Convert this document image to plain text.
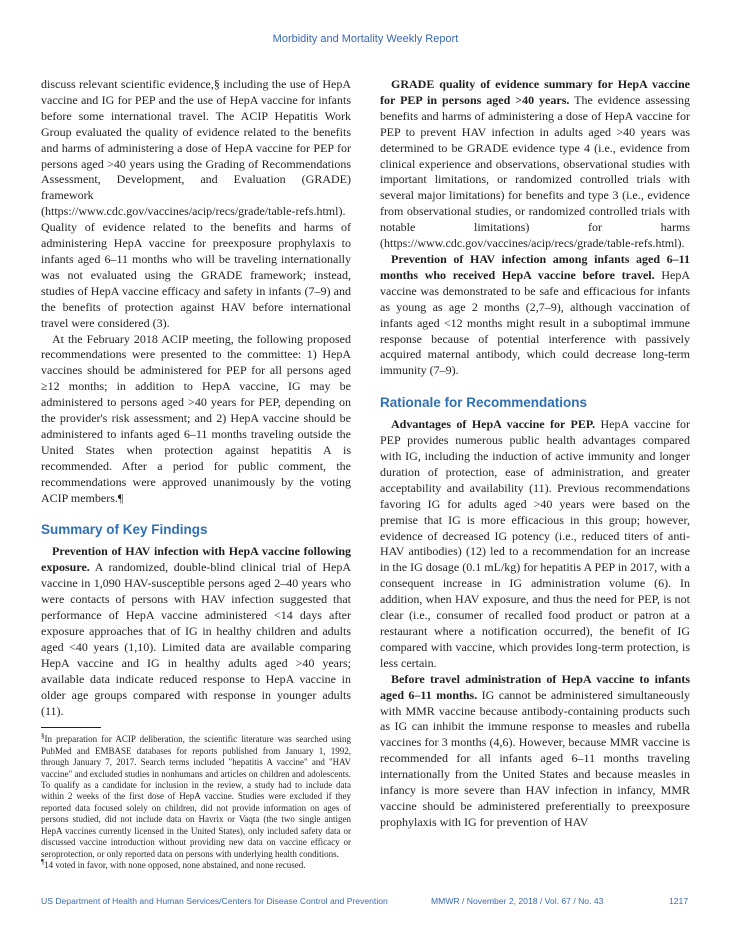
Morbidity and Mortality Weekly Report

discuss relevant scientific evidence,§ including the use of HepA vaccine and IG for PEP and the use of HepA vaccine for infants before some international travel. The ACIP Hepatitis Work Group evaluated the quality of evidence related to the benefits and harms of administering a dose of HepA vaccine for PEP for persons aged >40 years using the Grading of Recommendations Assessment, Development, and Evaluation (GRADE) framework (https://www.cdc.gov/vaccines/acip/recs/grade/table-refs.html). Quality of evidence related to the benefits and harms of administering HepA vaccine for preexposure prophylaxis to infants aged 6–11 months who will be traveling internationally was not evaluated using the GRADE framework; instead, studies of HepA vaccine efficacy and safety in infants (7–9) and the benefits of protection against HAV before international travel were considered (3).

At the February 2018 ACIP meeting, the following proposed recommendations were presented to the committee: 1) HepA vaccines should be administered for PEP for all persons aged ≥12 months; in addition to HepA vaccine, IG may be administered to persons aged >40 years for PEP, depending on the provider's risk assessment; and 2) HepA vaccine should be administered to infants aged 6–11 months traveling outside the United States when protection against hepatitis A is recommended. After a period for public comment, the recommendations were approved unanimously by the voting ACIP members.¶

Summary of Key Findings

Prevention of HAV infection with HepA vaccine following exposure. A randomized, double-blind clinical trial of HepA vaccine in 1,090 HAV-susceptible persons aged 2–40 years who were contacts of persons with HAV infection suggested that performance of HepA vaccine administered <14 days after exposure approaches that of IG in healthy children and adults aged <40 years (1,10). Limited data are available comparing HepA vaccine and IG in healthy adults aged >40 years; available data indicate reduced response to HepA vaccine in older age groups compared with response in younger adults (11).

§In preparation for ACIP deliberation, the scientific literature was searched using PubMed and EMBASE databases for reports published from January 1, 1992, through January 7, 2017. Search terms included "hepatitis A vaccine" and "HAV vaccine" and excluded studies in nonhumans and articles on children and adolescents. To qualify as a candidate for inclusion in the review, a study had to include data within 2 weeks of the first dose of HepA vaccine. Studies were excluded if they reported data focused solely on children, did not provide information on ages of persons studied, did not include data on Havrix or Vaqta (the two single antigen HepA vaccines currently licensed in the United States), only included safety data or discussed vaccine introduction without providing new data on vaccine efficacy or seroprotection, or only reported data on persons with underlying health conditions.

¶14 voted in favor, with none opposed, none abstained, and none recused.

GRADE quality of evidence summary for HepA vaccine for PEP in persons aged >40 years. The evidence assessing benefits and harms of administering a dose of HepA vaccine for PEP to prevent HAV infection in adults aged >40 years was determined to be GRADE evidence type 4 (i.e., evidence from clinical experience and observations, observational studies with important limitations, or randomized controlled trials with several major limitations) for benefits and type 3 (i.e., evidence from observational studies, or randomized controlled trials with notable limitations) for harms (https://www.cdc.gov/vaccines/acip/recs/grade/table-refs.html).

Prevention of HAV infection among infants aged 6–11 months who received HepA vaccine before travel. HepA vaccine was demonstrated to be safe and efficacious for infants as young as age 2 months (2,7–9), although vaccination of infants aged <12 months might result in a suboptimal immune response because of potential interference with passively acquired maternal antibody, which could decrease long-term immunity (7–9).

Rationale for Recommendations

Advantages of HepA vaccine for PEP. HepA vaccine for PEP provides numerous public health advantages compared with IG, including the induction of active immunity and longer duration of protection, ease of administration, and greater acceptability and availability (11). Previous recommendations favoring IG for adults aged >40 years were based on the premise that IG is more efficacious in this group; however, evidence of decreased IG potency (i.e., reduced titers of anti-HAV antibodies) (12) led to a recommendation for an increase in the IG dosage (0.1 mL/kg) for hepatitis A PEP in 2017, with a consequent increase in IG administration volume (6). In addition, when HAV exposure, and thus the need for PEP, is not clear (i.e., consumer of recalled food product or patron at a restaurant where a notification occurred), the benefit of IG compared with vaccine, which provides long-term protection, is less certain.

Before travel administration of HepA vaccine to infants aged 6–11 months. IG cannot be administered simultaneously with MMR vaccine because antibody-containing products such as IG can inhibit the immune response to measles and rubella vaccines for 3 months (4,6). However, because MMR vaccine is recommended for all infants aged 6–11 months traveling internationally from the United States and because measles in infancy is more severe than HAV infection in infancy, MMR vaccine should be administered preferentially to preexposure prophylaxis with IG for prevention of HAV

US Department of Health and Human Services/Centers for Disease Control and Prevention	MMWR / November 2, 2018 / Vol. 67 / No. 43	1217
